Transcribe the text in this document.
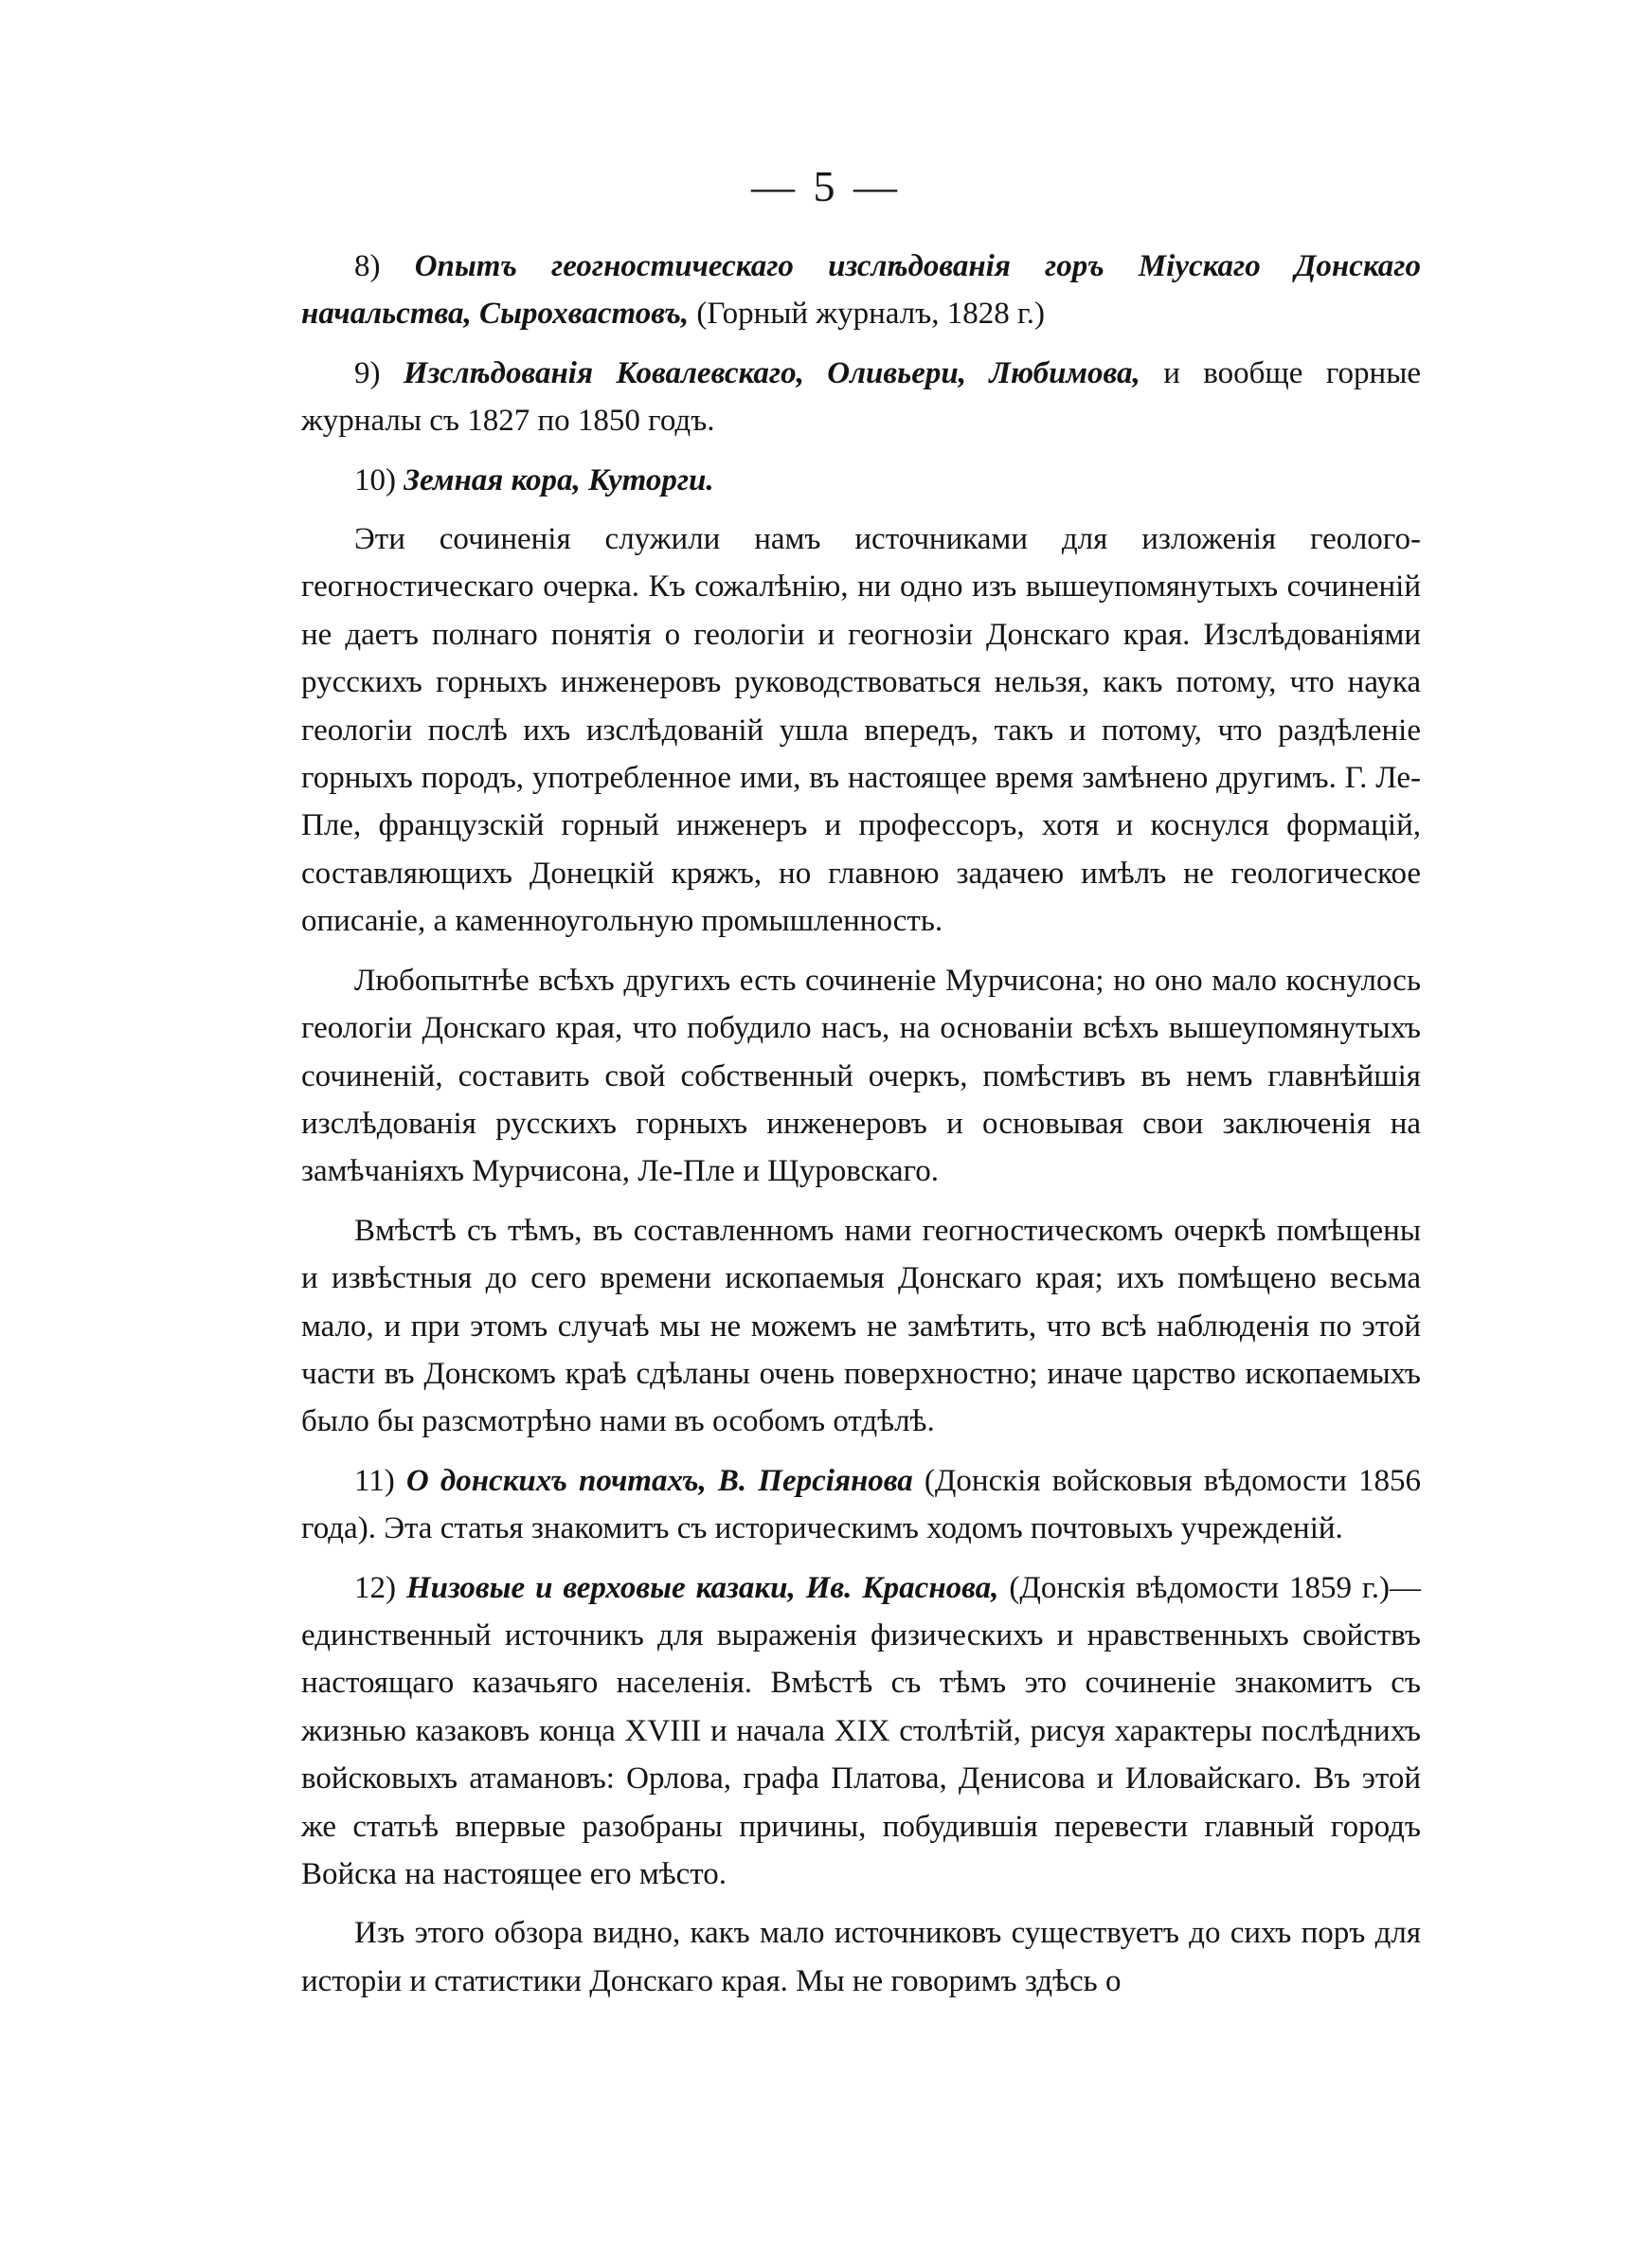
— 5 —

8) Опытъ геогностическаго изслѣдованія горъ Міускаго Донскаго начальства, Сырохвастовъ, (Горный журналъ, 1828 г.)

9) Изслѣдованія Ковалевскаго, Оливьери, Любимова, и вообще горные журналы съ 1827 по 1850 годъ.

10) Земная кора, Куторги.

Эти сочиненія служили намъ источниками для изложенія геолого-геогностическаго очерка. Къ сожалѣнію, ни одно изъ вышеупомянутыхъ сочиненій не даетъ полнаго понятія о геологіи и геогнозіи Донскаго края. Изслѣдованіями русскихъ горныхъ инженеровъ руководствоваться нельзя, какъ потому, что наука геологіи послѣ ихъ изслѣдованій ушла впередъ, такъ и потому, что раздѣленіе горныхъ породъ, употребленное ими, въ настоящее время замѣнено другимъ. Г. Ле-Пле, французскій горный инженеръ и профессоръ, хотя и коснулся формацій, составляющихъ Донецкій кряжъ, но главною задачею имѣлъ не геологическое описаніе, а каменноугольную промышленность.

Любопытнѣе всѣхъ другихъ есть сочиненіе Мурчисона; но оно мало коснулось геологіи Донскаго края, что побудило насъ, на основаніи всѣхъ вышеупомянутыхъ сочиненій, составить свой собственный очеркъ, помѣстивъ въ немъ главнѣйшія изслѣдованія русскихъ горныхъ инженеровъ и основывая свои заключенія на замѣчаніяхъ Мурчисона, Ле-Пле и Щуровскаго.

Вмѣстѣ съ тѣмъ, въ составленномъ нами геогностическомъ очеркѣ помѣщены и извѣстныя до сего времени ископаемыя Донскаго края; ихъ помѣщено весьма мало, и при этомъ случаѣ мы не можемъ не замѣтить, что всѣ наблюденія по этой части въ Донскомъ краѣ сдѣланы очень поверхностно; иначе царство ископаемыхъ было бы разсмотрѣно нами въ особомъ отдѣлѣ.

11) О донскихъ почтахъ, В. Персіянова (Донскія войсковыя вѣдомости 1856 года). Эта статья знакомитъ съ историческимъ ходомъ почтовыхъ учрежденій.

12) Низовые и верховые казаки, Ив. Краснова, (Донскія вѣдомости 1859 г.)—единственный источникъ для выраженія физическихъ и нравственныхъ свойствъ настоящаго казачьяго населенія. Вмѣстѣ съ тѣмъ это сочиненіе знакомитъ съ жизнью казаковъ конца XVIII и начала XIX столѣтій, рисуя характеры послѣднихъ войсковыхъ атамановъ: Орлова, графа Платова, Денисова и Иловайскаго. Въ этой же статьѣ впервые разобраны причины, побудившія перевести главный городъ Войска на настоящее его мѣсто.

Изъ этого обзора видно, какъ мало источниковъ существуетъ до сихъ поръ для исторіи и статистики Донскаго края. Мы не говоримъ здѣсь о
